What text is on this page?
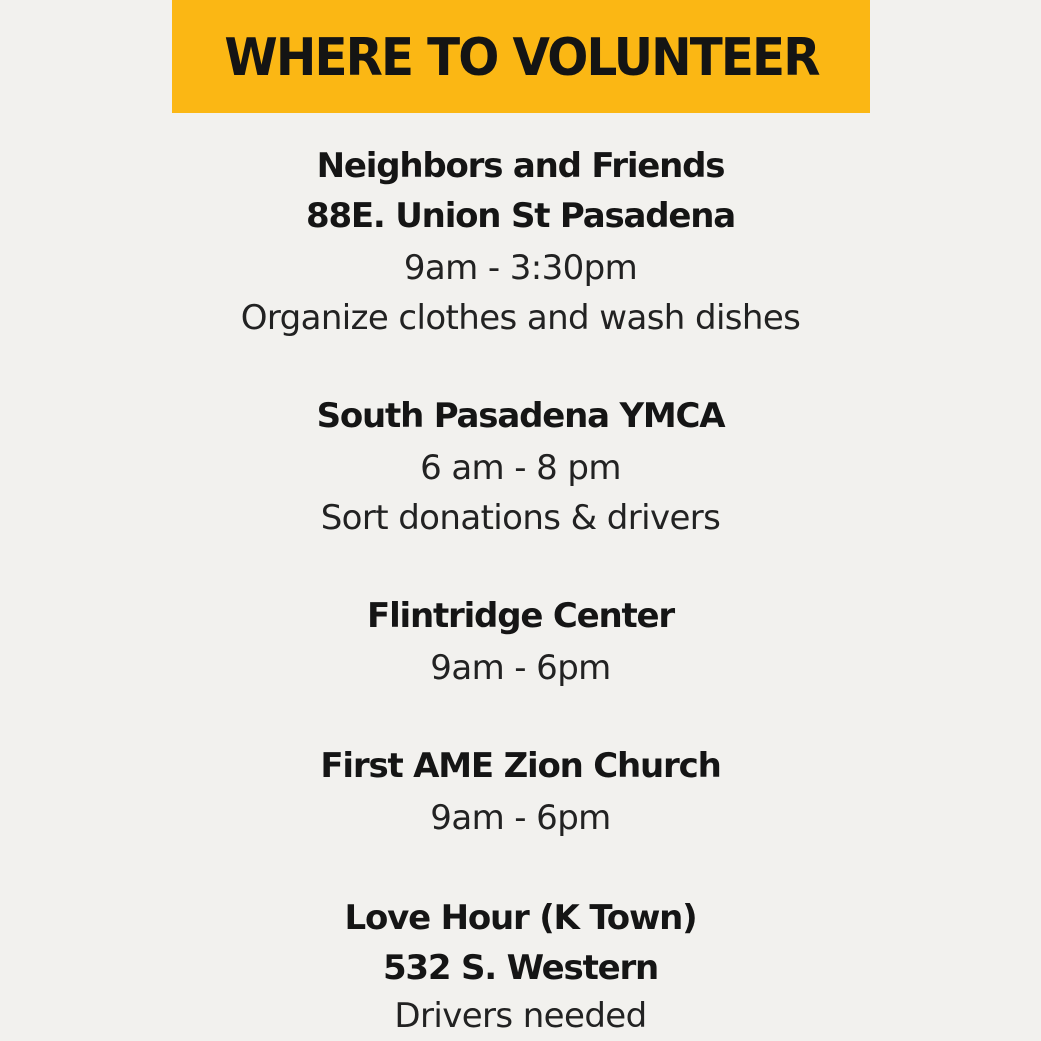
WHERE TO VOLUNTEER
Neighbors and Friends
88E. Union St Pasadena
9am - 3:30pm
Organize clothes and wash dishes
South Pasadena YMCA
6 am - 8 pm
Sort donations & drivers
Flintridge Center
9am - 6pm
First AME Zion Church
9am - 6pm
Love Hour (K Town)
532 S. Western
Drivers needed
